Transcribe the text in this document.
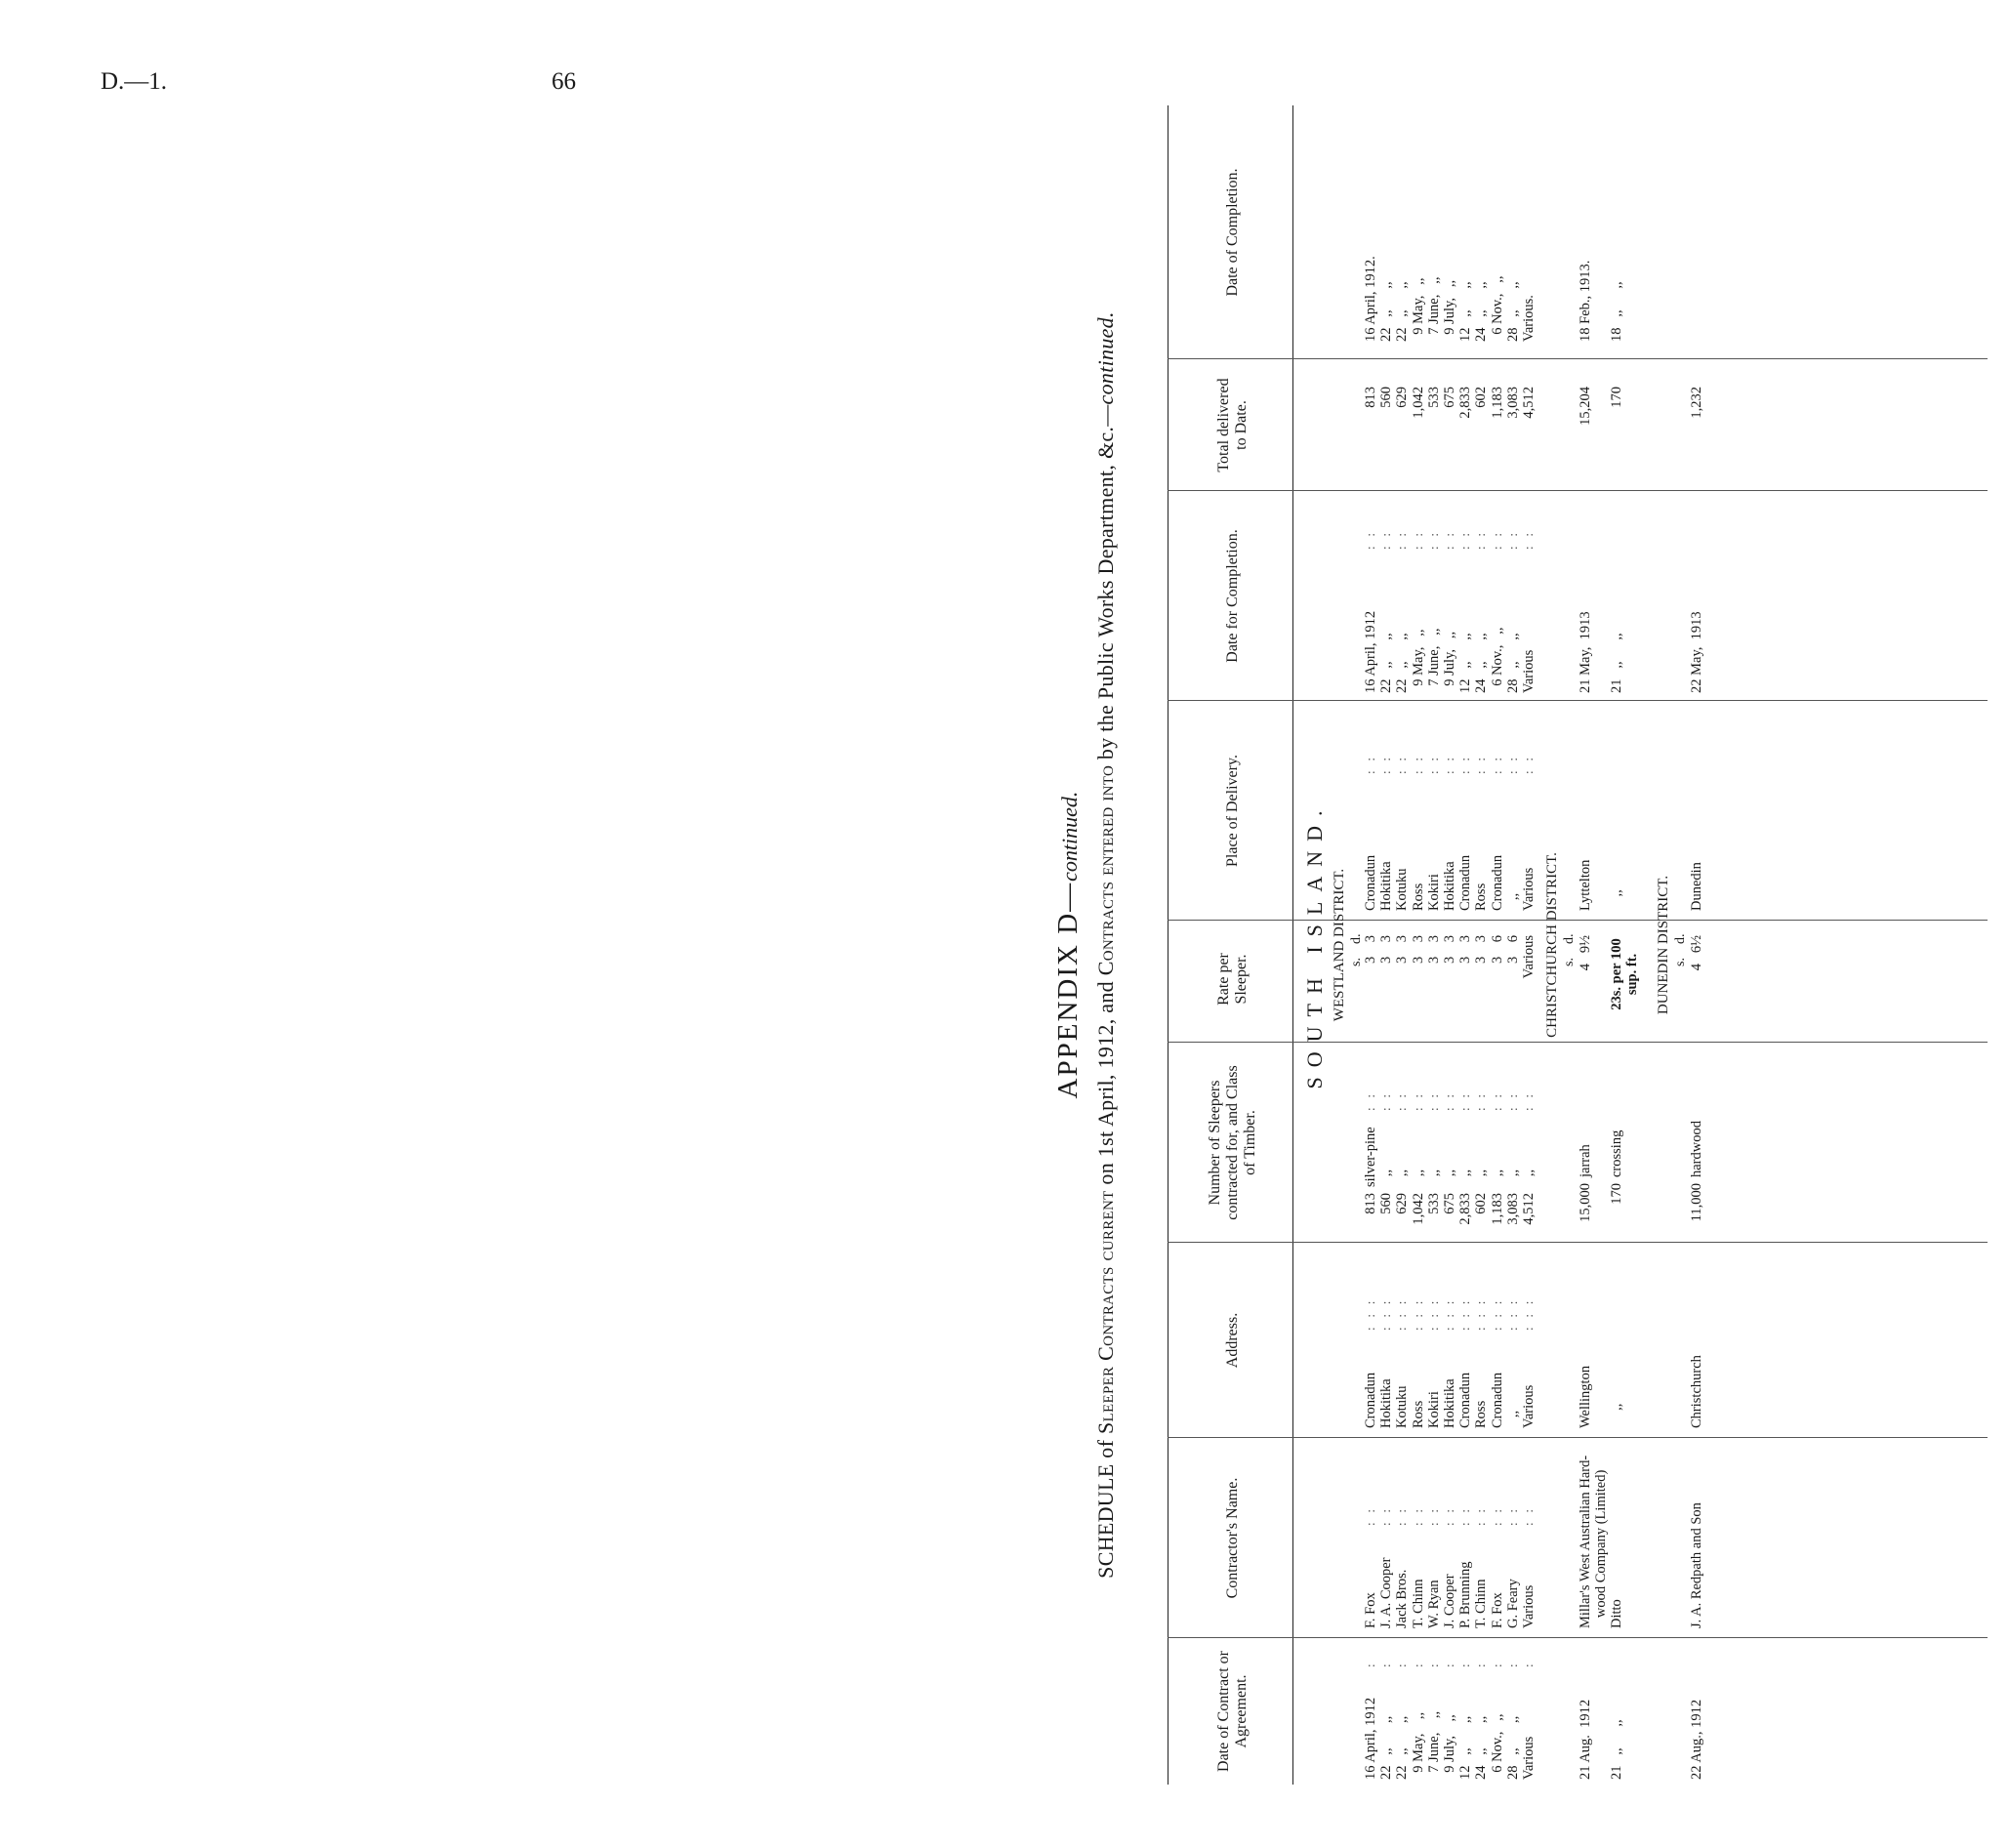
D.—1.	66
APPENDIX D—continued.
SCHEDULE of Sleeper Contracts current on 1st April, 1912, and Contracts entered into by the Public Works Department, &c.—continued.
Date of Contract or Agreement.
Contractor's Name.
Address.
Number of Sleepers contracted for, and Class of Timber.
Rate per Sleeper.
Place of Delivery.
Date for Completion.
Total delivered to Date.
Date of Completion.
SOUTH ISLAND. WESTLAND DISTRICT. s.    d.
16 April, 1912
22   ,,       ,,
22   ,,       ,,
9 May,    ,,
7 June,    ,,
9 July,    ,,
12   ,,       ,,
24   ,,       ,,
6 Nov.,   ,,
28   ,,       ,,
Various
:
:
:
:
:
:
:
:
:
:
:
F. Fox
J. A. Cooper
Jack Bros.
T. Chinn
W. Ryan
J. Cooper
P. Brunning
T. Chinn
F. Fox
G. Feary
Various
:   :
:   :
:   :
:   :
:   :
:   :
:   :
:   :
:   :
:   :
:   :
Cronadun
Hokitika
Kotuku
Ross
Kokiri
Hokitika
Cronadun
Ross
Cronadun
,,
Various
:   :   :
:   :   :
:   :   :
:   :   :
:   :   :
:   :   :
:   :   :
:   :   :
:   :   :
:   :   :
:   :   :
813
560
629
1,042
533
675
2,833
602
1,183
3,083
4,512
silver-pine
,,
,,
,,
,,
,,
,,
,,
,,
,,
,,
:   :
:   :
:   :
:   :
:   :
:   :
:   :
:   :
:   :
:   :
:   :
3    3
3    3
3    3
3    3
3    3
3    3
3    3
3    3
3    6
3    6
Various
Cronadun
Hokitika
Kotuku
Ross
Kokiri
Hokitika
Cronadun
Ross
Cronadun
,,
Various
:   :
:   :
:   :
:   :
:   :
:   :
:   :
:   :
:   :
:   :
:   :
16 April, 1912
22   ,,      ,,
22   ,,      ,,
9 May,   ,,
7 June,   ,,
9 July,   ,,
12   ,,      ,,
24   ,,      ,,
6 Nov.,   ,,
28   ,,      ,,
Various
:   :
:   :
:   :
:   :
:   :
:   :
:   :
:   :
:   :
:   :
:   :
813
560
629
1,042
533
675
2,833
602
1,183
3,083
4,512
16 April, 1912.
22   ,,      ,,
22   ,,      ,,
9 May,   ,,
7 June,   ,,
9 July,   ,,
12   ,,      ,,
24   ,,      ,,
6 Nov.,   ,,
28   ,,      ,,
Various.
CHRISTCHURCH DISTRICT. s.    d.
21 Aug.  1912

21   ,,      ,,
Millar's West Australian Hard-
wood Company (Limited)
Ditto
Wellington

,,
15,000

170
jarrah

crossing
4   9½
23s. per 100
sup. ft.
Lyttelton

,,
21 May,  1913

21   ,,      ,,
15,204

170
18 Feb., 1913.

18   ,,      ,,
DUNEDIN DISTRICT. s.    d.
22 Aug., 1912
J. A. Redpath and Son
Christchurch
11,000
hardwood
4   6½
Dunedin
22 May,  1913
1,232
